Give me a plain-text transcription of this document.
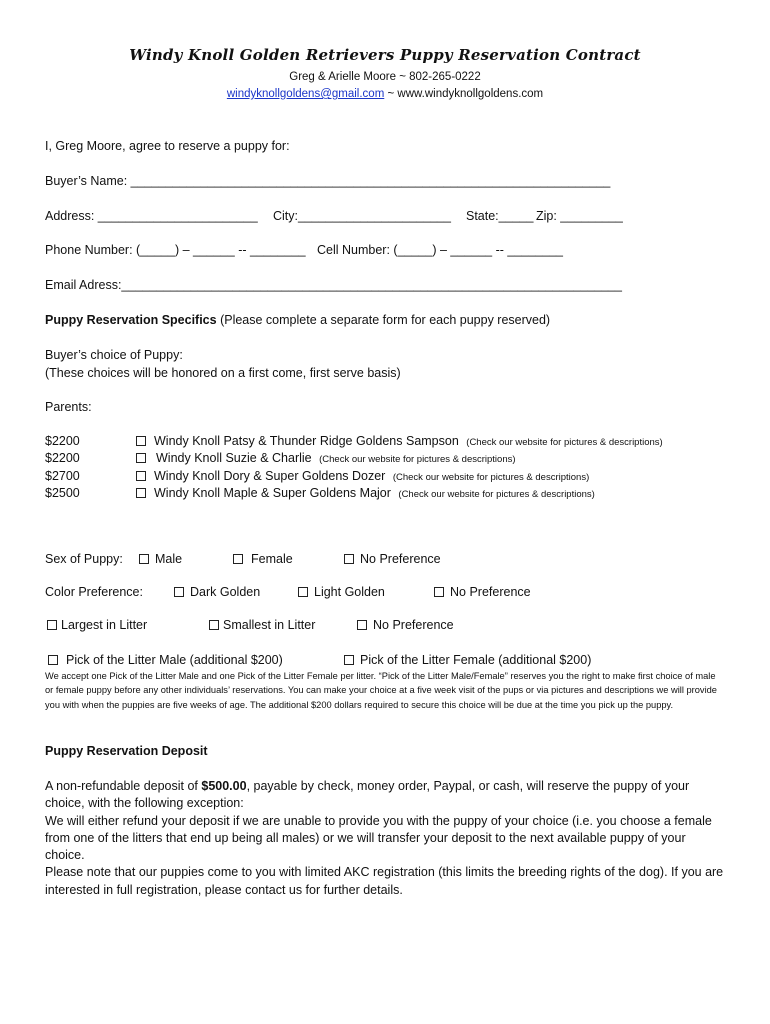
Windy Knoll Golden Retrievers Puppy Reservation Contract
Greg & Arielle Moore ~ 802-265-0222
windyknollgoldens@gmail.com ~ www.windyknollgoldens.com
I, Greg Moore, agree to reserve a puppy for:
Buyer’s Name: _____________________________________________________________________
Address: _______________________ City:______________________ State:_____ Zip: _________
Phone Number: (_____) – ______ -- ________ Cell Number: (_____) – ______ -- ________
Email Adress:________________________________________________________________________
Puppy Reservation Specifics (Please complete a separate form for each puppy reserved)
Buyer’s choice of Puppy:
(These choices will be honored on a first come, first serve basis)
Parents:
$2200	Windy Knoll Patsy & Thunder Ridge Goldens Sampson (Check our website for pictures & descriptions)
$2200	Windy Knoll Suzie & Charlie (Check our website for pictures & descriptions)
$2700	Windy Knoll Dory & Super Goldens Dozer (Check our website for pictures & descriptions)
$2500	Windy Knoll Maple & Super Goldens Major (Check our website for pictures & descriptions)
Sex of Puppy:	Male	Female	No Preference
Color Preference:	Dark Golden	Light Golden	No Preference
Largest in Litter	Smallest in Litter	No Preference
Pick of the Litter Male (additional $200)	Pick of the Litter Female (additional $200)
We accept one Pick of the Litter Male and one Pick of the Litter Female per litter. “Pick of the Litter Male/Female” reserves you the right to make first choice of male or female puppy before any other individuals’ reservations. You can make your choice at a five week visit of the pups or via pictures and descriptions we will provide you with when the puppies are five weeks of age. The additional $200 dollars required to secure this choice will be due at the time you pick up the puppy.
Puppy Reservation Deposit
A non-refundable deposit of $500.00, payable by check, money order, Paypal, or cash, will reserve the puppy of your choice, with the following exception:
We will either refund your deposit if we are unable to provide you with the puppy of your choice (i.e. you choose a female from one of the litters that end up being all males) or we will transfer your deposit to the next available puppy of your choice.
Please note that our puppies come to you with limited AKC registration (this limits the breeding rights of the dog). If you are interested in full registration, please contact us for further details.
